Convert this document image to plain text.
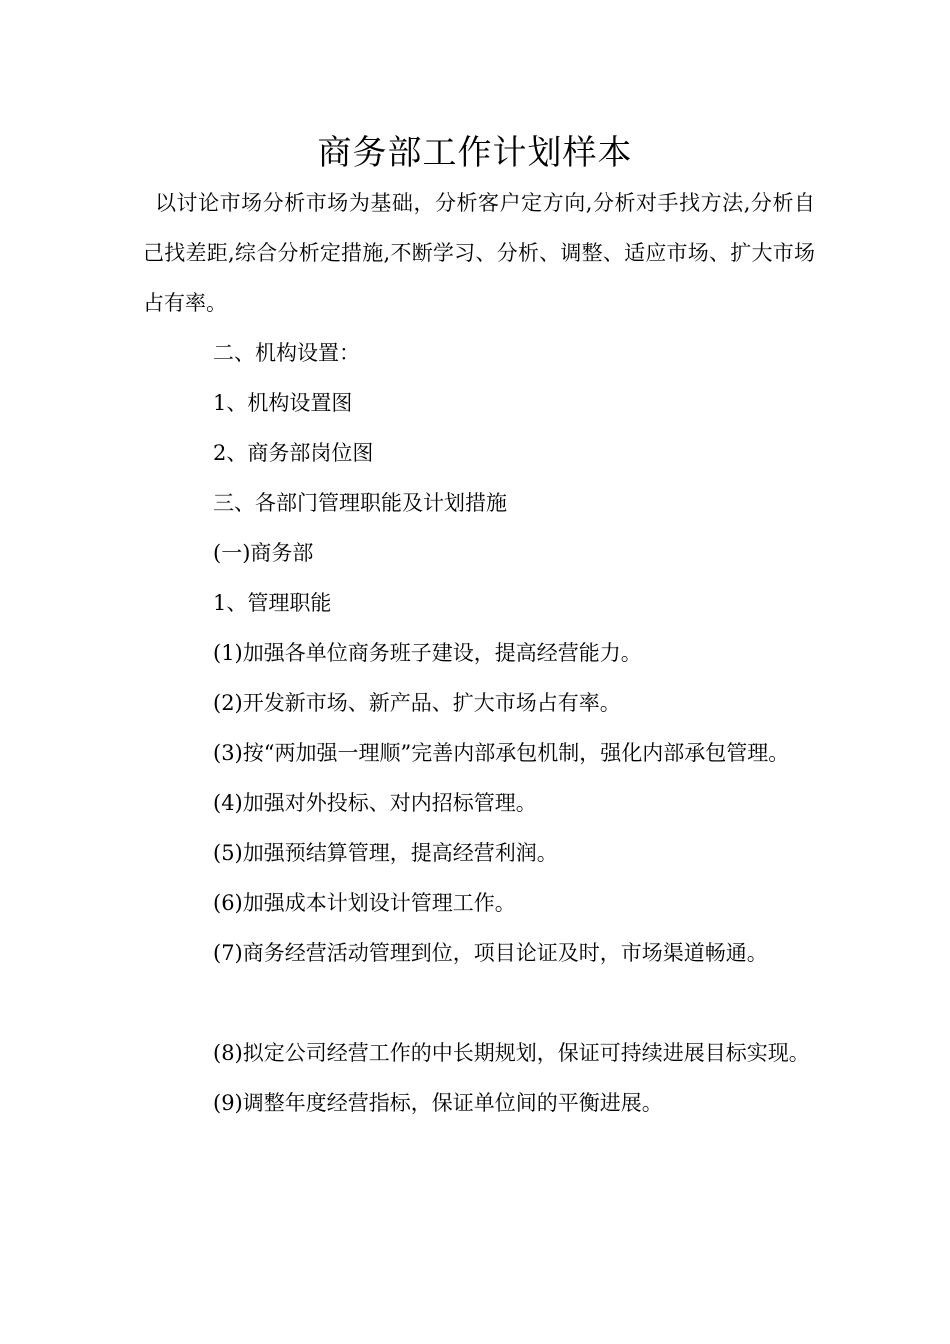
商务部工作计划样本

以讨论市场分析市场为基础，分析客户定方向,分析对手找方法,分析自己找差距,综合分析定措施,不断学习、分析、调整、适应市场、扩大市场占有率。

二、机构设置：

1、机构设置图

2、商务部岗位图

三、各部门管理职能及计划措施

(一)商务部

1、管理职能

(1)加强各单位商务班子建设，提高经营能力。

(2)开发新市场、新产品、扩大市场占有率。

(3)按“两加强一理顺”完善内部承包机制，强化内部承包管理。

(4)加强对外投标、对内招标管理。

(5)加强预结算管理，提高经营利润。

(6)加强成本计划设计管理工作。

(7)商务经营活动管理到位，项目论证及时，市场渠道畅通。

(8)拟定公司经营工作的中长期规划，保证可持续进展目标实现。

(9)调整年度经营指标，保证单位间的平衡进展。
